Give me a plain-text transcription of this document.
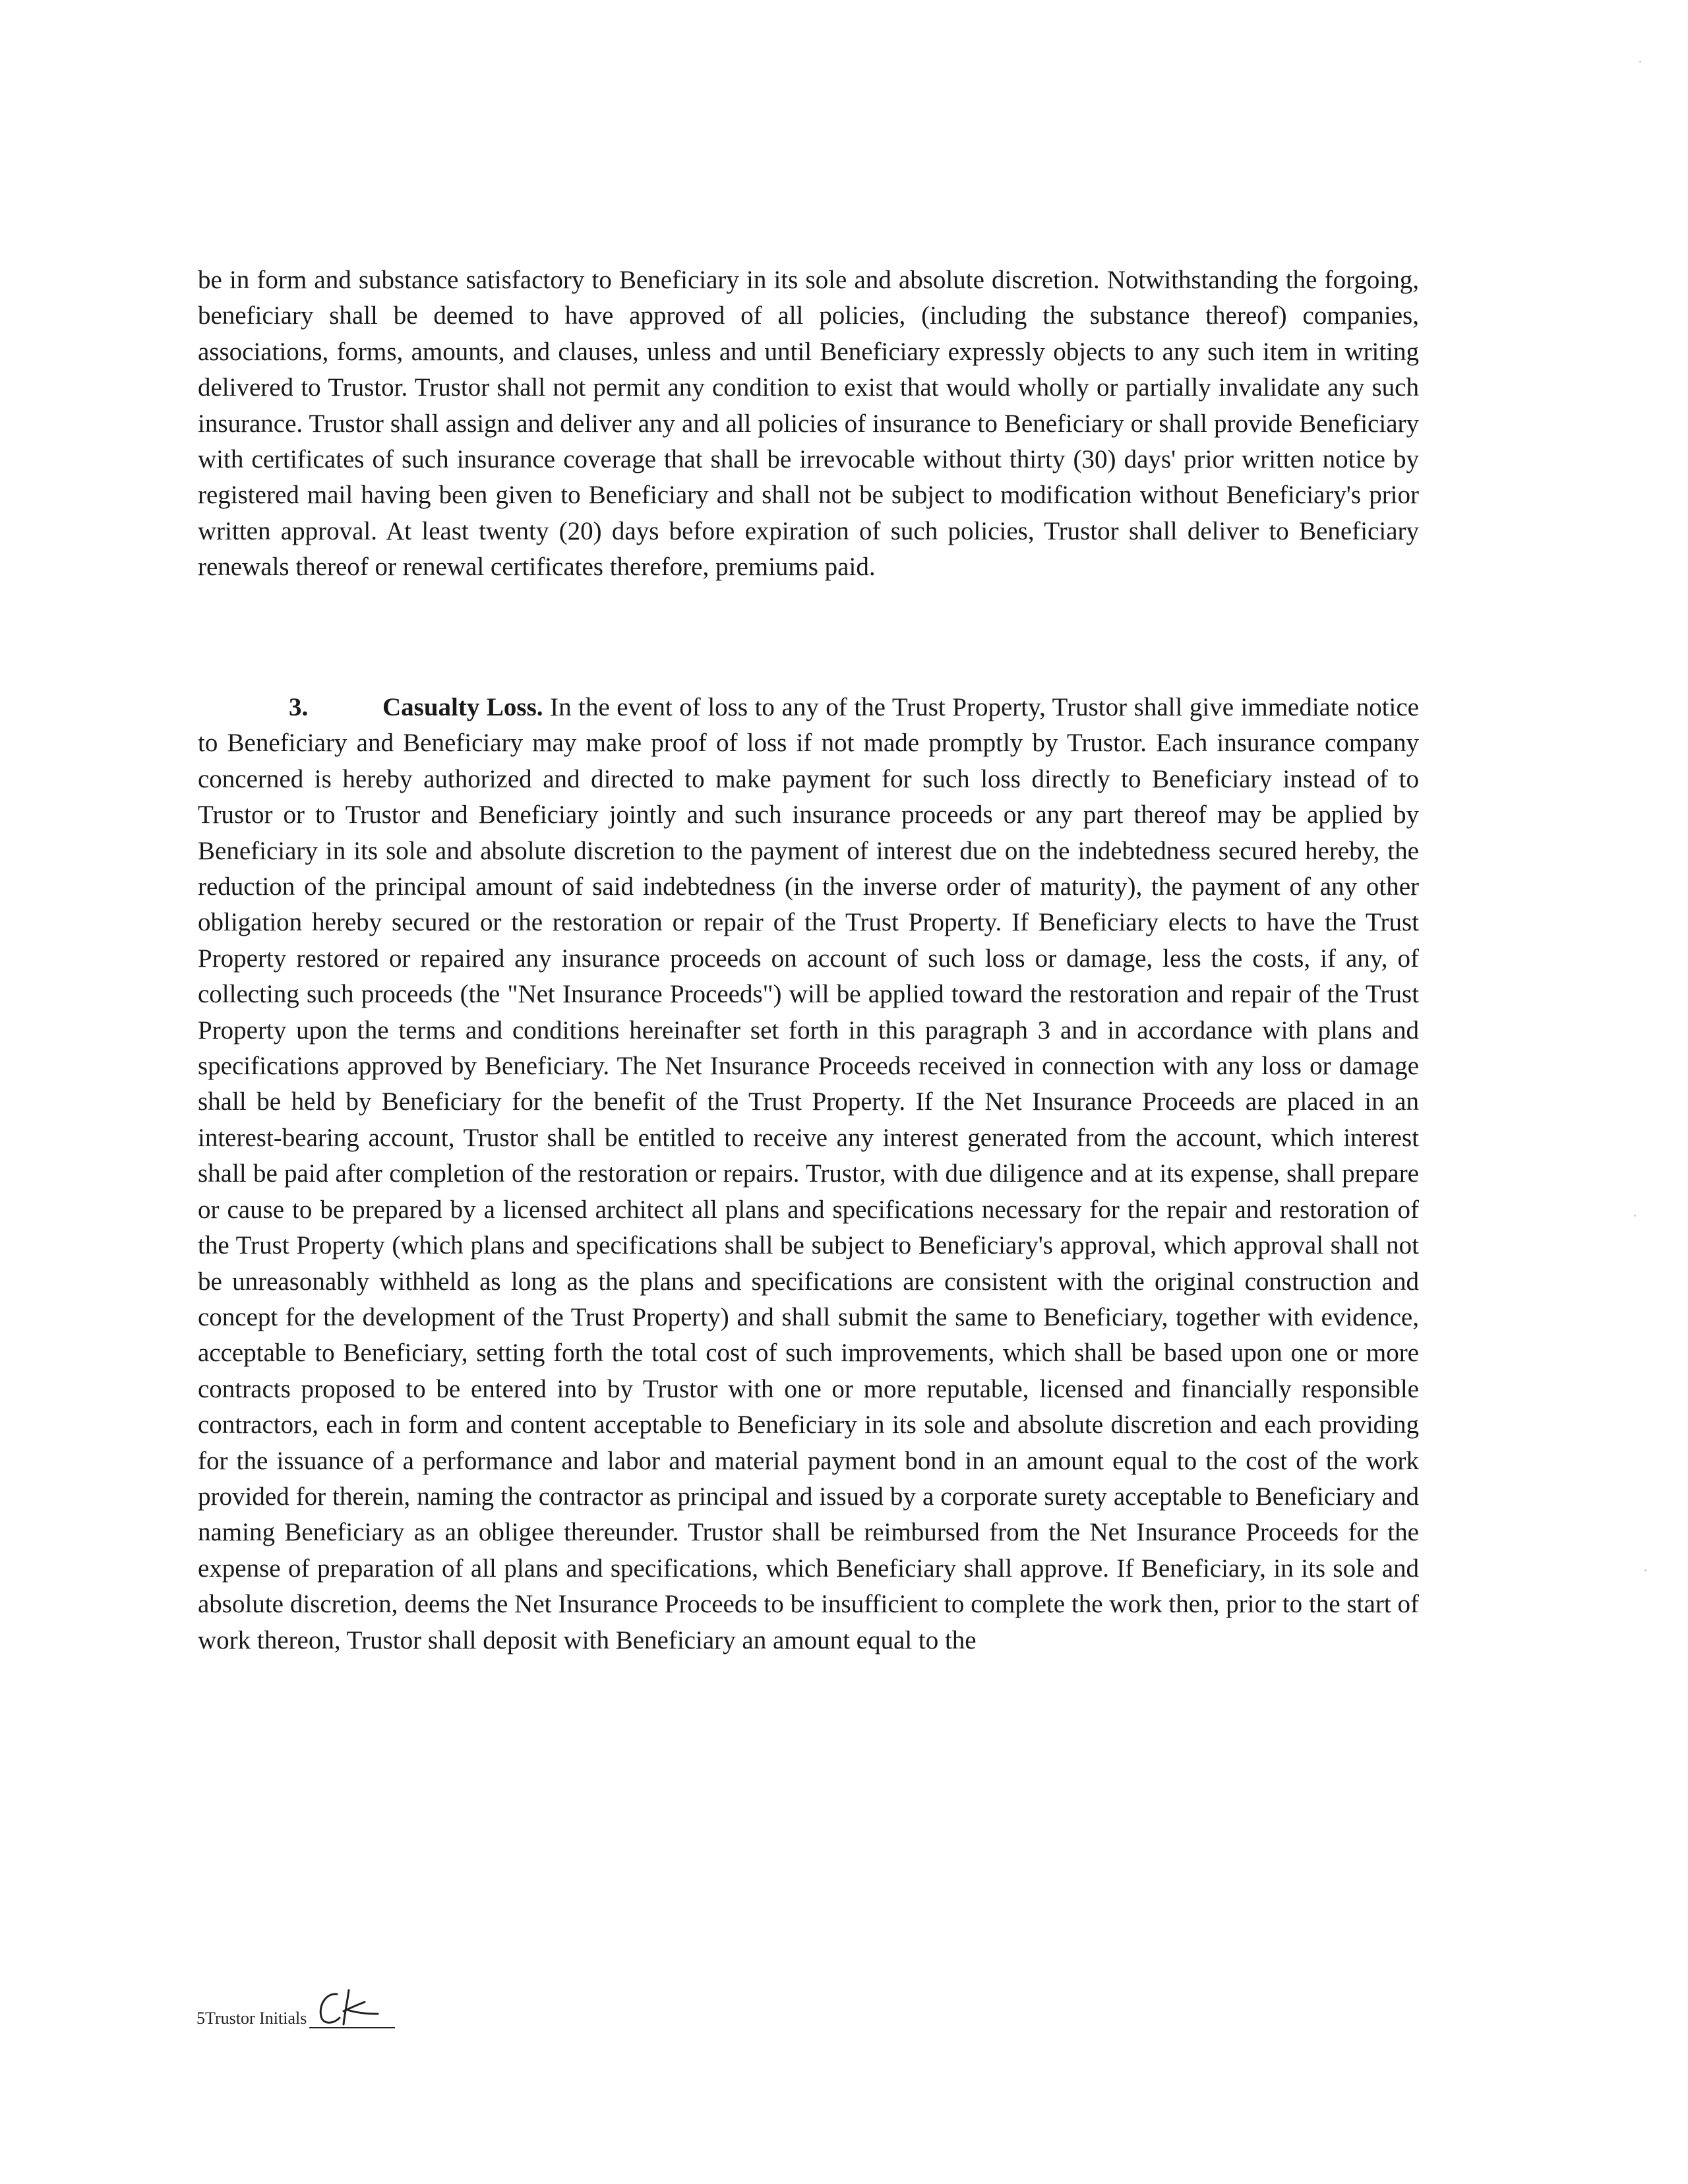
be in form and substance satisfactory to Beneficiary in its sole and absolute discretion. Notwithstanding the forgoing, beneficiary shall be deemed to have approved of all policies, (including the substance thereof) companies, associations, forms, amounts, and clauses, unless and until Beneficiary expressly objects to any such item in writing delivered to Trustor. Trustor shall not permit any condition to exist that would wholly or partially invalidate any such insurance. Trustor shall assign and deliver any and all policies of insurance to Beneficiary or shall provide Beneficiary with certificates of such insurance coverage that shall be irrevocable without thirty (30) days' prior written notice by registered mail having been given to Beneficiary and shall not be subject to modification without Beneficiary's prior written approval. At least twenty (20) days before expiration of such policies, Trustor shall deliver to Beneficiary renewals thereof or renewal certificates therefore, premiums paid.

3.	Casualty Loss. In the event of loss to any of the Trust Property, Trustor shall give immediate notice to Beneficiary and Beneficiary may make proof of loss if not made promptly by Trustor. Each insurance company concerned is hereby authorized and directed to make payment for such loss directly to Beneficiary instead of to Trustor or to Trustor and Beneficiary jointly and such insurance proceeds or any part thereof may be applied by Beneficiary in its sole and absolute discretion to the payment of interest due on the indebtedness secured hereby, the reduction of the principal amount of said indebtedness (in the inverse order of maturity), the payment of any other obligation hereby secured or the restoration or repair of the Trust Property. If Beneficiary elects to have the Trust Property restored or repaired any insurance proceeds on account of such loss or damage, less the costs, if any, of collecting such proceeds (the "Net Insurance Proceeds") will be applied toward the restoration and repair of the Trust Property upon the terms and conditions hereinafter set forth in this paragraph 3 and in accordance with plans and specifications approved by Beneficiary. The Net Insurance Proceeds received in connection with any loss or damage shall be held by Beneficiary for the benefit of the Trust Property. If the Net Insurance Proceeds are placed in an interest-bearing account, Trustor shall be entitled to receive any interest generated from the account, which interest shall be paid after completion of the restoration or repairs. Trustor, with due diligence and at its expense, shall prepare or cause to be prepared by a licensed architect all plans and specifications necessary for the repair and restoration of the Trust Property (which plans and specifications shall be subject to Beneficiary's approval, which approval shall not be unreasonably withheld as long as the plans and specifications are consistent with the original construction and concept for the development of the Trust Property) and shall submit the same to Beneficiary, together with evidence, acceptable to Beneficiary, setting forth the total cost of such improvements, which shall be based upon one or more contracts proposed to be entered into by Trustor with one or more reputable, licensed and financially responsible contractors, each in form and content acceptable to Beneficiary in its sole and absolute discretion and each providing for the issuance of a performance and labor and material payment bond in an amount equal to the cost of the work provided for therein, naming the contractor as principal and issued by a corporate surety acceptable to Beneficiary and naming Beneficiary as an obligee thereunder. Trustor shall be reimbursed from the Net Insurance Proceeds for the expense of preparation of all plans and specifications, which Beneficiary shall approve. If Beneficiary, in its sole and absolute discretion, deems the Net Insurance Proceeds to be insufficient to complete the work then, prior to the start of work thereon, Trustor shall deposit with Beneficiary an amount equal to the

5 Trustor Initials
